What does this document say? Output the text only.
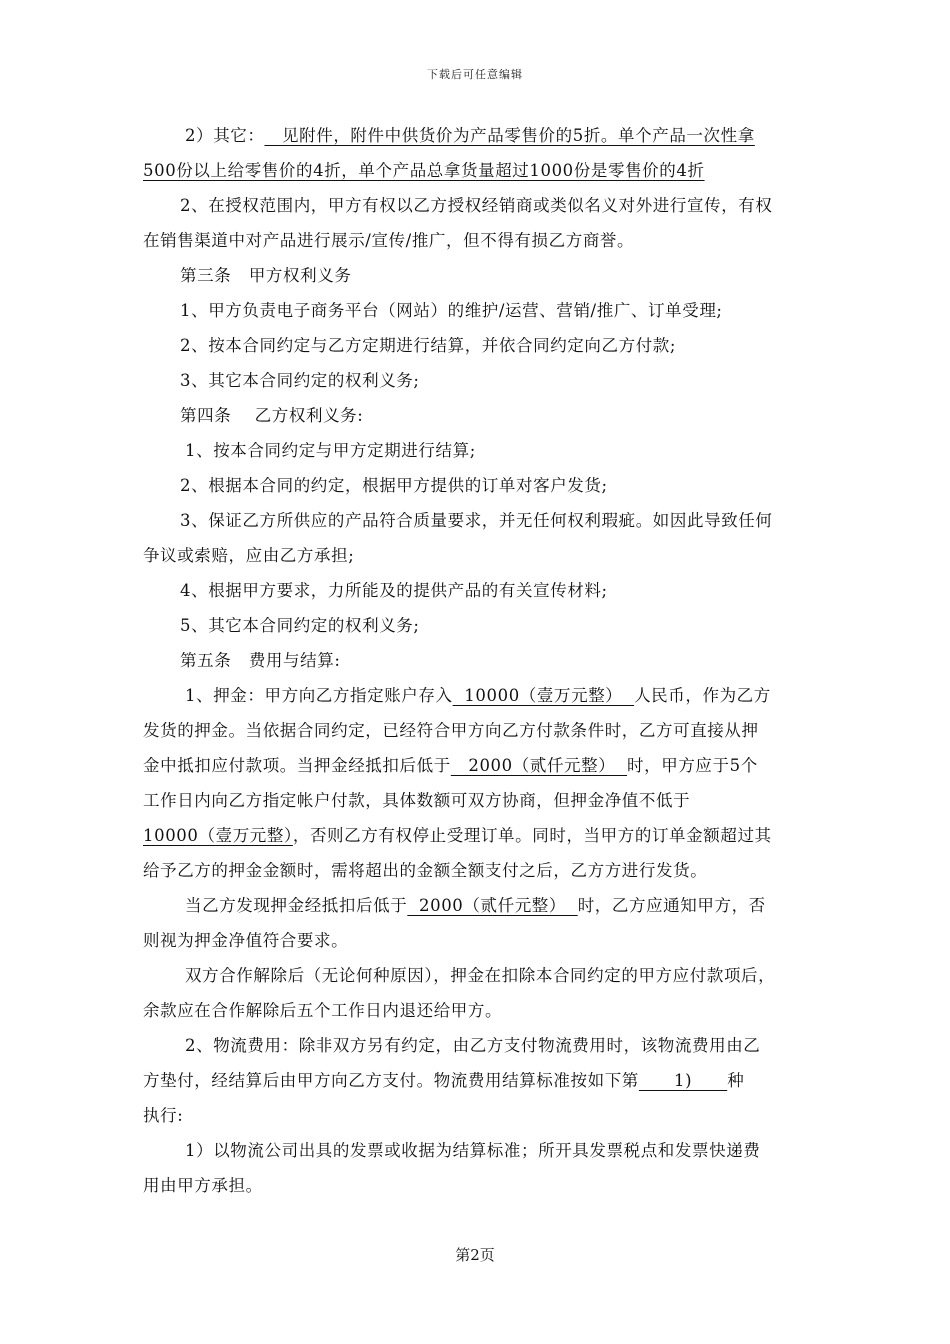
下载后可任意编辑
2）其它：   见附件，附件中供货价为产品零售价的5折。单个产品一次性拿
500份以上给零售价的4折，单个产品总拿货量超过1000份是零售价的4折
2、在授权范围内，甲方有权以乙方授权经销商或类似名义对外进行宣传，有权
在销售渠道中对产品进行展示/宣传/推广，但不得有损乙方商誉。
第三条   甲方权利义务
1、甲方负责电子商务平台（网站）的维护/运营、营销/推广、订单受理;
2、按本合同约定与乙方定期进行结算，并依合同约定向乙方付款;
3、其它本合同约定的权利义务;
第四条    乙方权利义务:
1、按本合同约定与甲方定期进行结算;
2、根据本合同的约定，根据甲方提供的订单对客户发货;
3、保证乙方所供应的产品符合质量要求，并无任何权利瑕疵。如因此导致任何
争议或索赔，应由乙方承担;
4、根据甲方要求，力所能及的提供产品的有关宣传材料;
5、其它本合同约定的权利义务;
第五条   费用与结算:
1、押金：甲方向乙方指定账户存入  10000（壹万元整）  人民币，作为乙方
发货的押金。当依据合同约定，已经符合甲方向乙方付款条件时，乙方可直接从押
金中抵扣应付款项。当押金经抵扣后低于   2000（贰仟元整）  时，甲方应于5个
工作日内向乙方指定帐户付款，具体数额可双方协商，但押金净值不低于
10000（壹万元整），否则乙方有权停止受理订单。同时，当甲方的订单金额超过其
给予乙方的押金金额时，需将超出的金额全额支付之后，乙方方进行发货。
当乙方发现押金经抵扣后低于  2000（贰仟元整）  时，乙方应通知甲方，否
则视为押金净值符合要求。
双方合作解除后（无论何种原因），押金在扣除本合同约定的甲方应付款项后，
余款应在合作解除后五个工作日内退还给甲方。
2、物流费用：除非双方另有约定，由乙方支付物流费用时，该物流费用由乙
方垫付，经结算后由甲方向乙方支付。物流费用结算标准按如下第      1)      种
执行:
1）以物流公司出具的发票或收据为结算标准；所开具发票税点和发票快递费
用由甲方承担。
第2页
